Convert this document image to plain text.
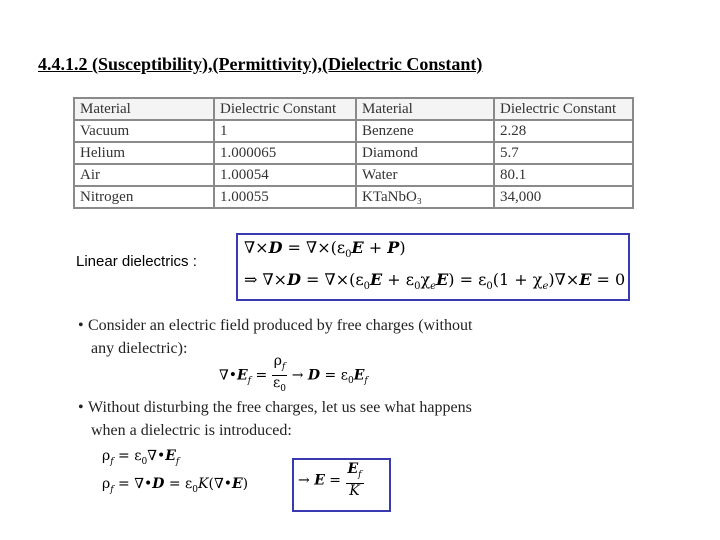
4.4.1.2 (Susceptibility),(Permittivity),(Dielectric Constant)
Material	Dielectric Constant	Material	Dielectric Constant
Vacuum	1	Benzene	2.28
Helium	1.000065	Diamond	5.7
Air	1.00054	Water	80.1
Nitrogen	1.00055	KTaNbO₃	34,000
Linear dielectrics :
$\nabla\times D = \nabla\times(\varepsilon_0E + P)$
⇒ $\nabla\times D = \nabla\times(\varepsilon_0E + \varepsilon_0\chi_eE) = \varepsilon_0(1 + \chi_e)\nabla\times E = 0$
• Consider an electric field produced by free charges (without
any dielectric):
$\nabla•E_f = \frac{\rho_f}{\varepsilon_0} \to D = \varepsilon_0E_f$
• Without disturbing the free charges, let us see what happens
when a dielectric is introduced:
$\rho_f$ = $\varepsilon_0\nabla•E_f$
$\rho_f$ = ∇•D = $\varepsilon_0K(\nabla•E)$	→ $E = \frac{E_f}{K}$
